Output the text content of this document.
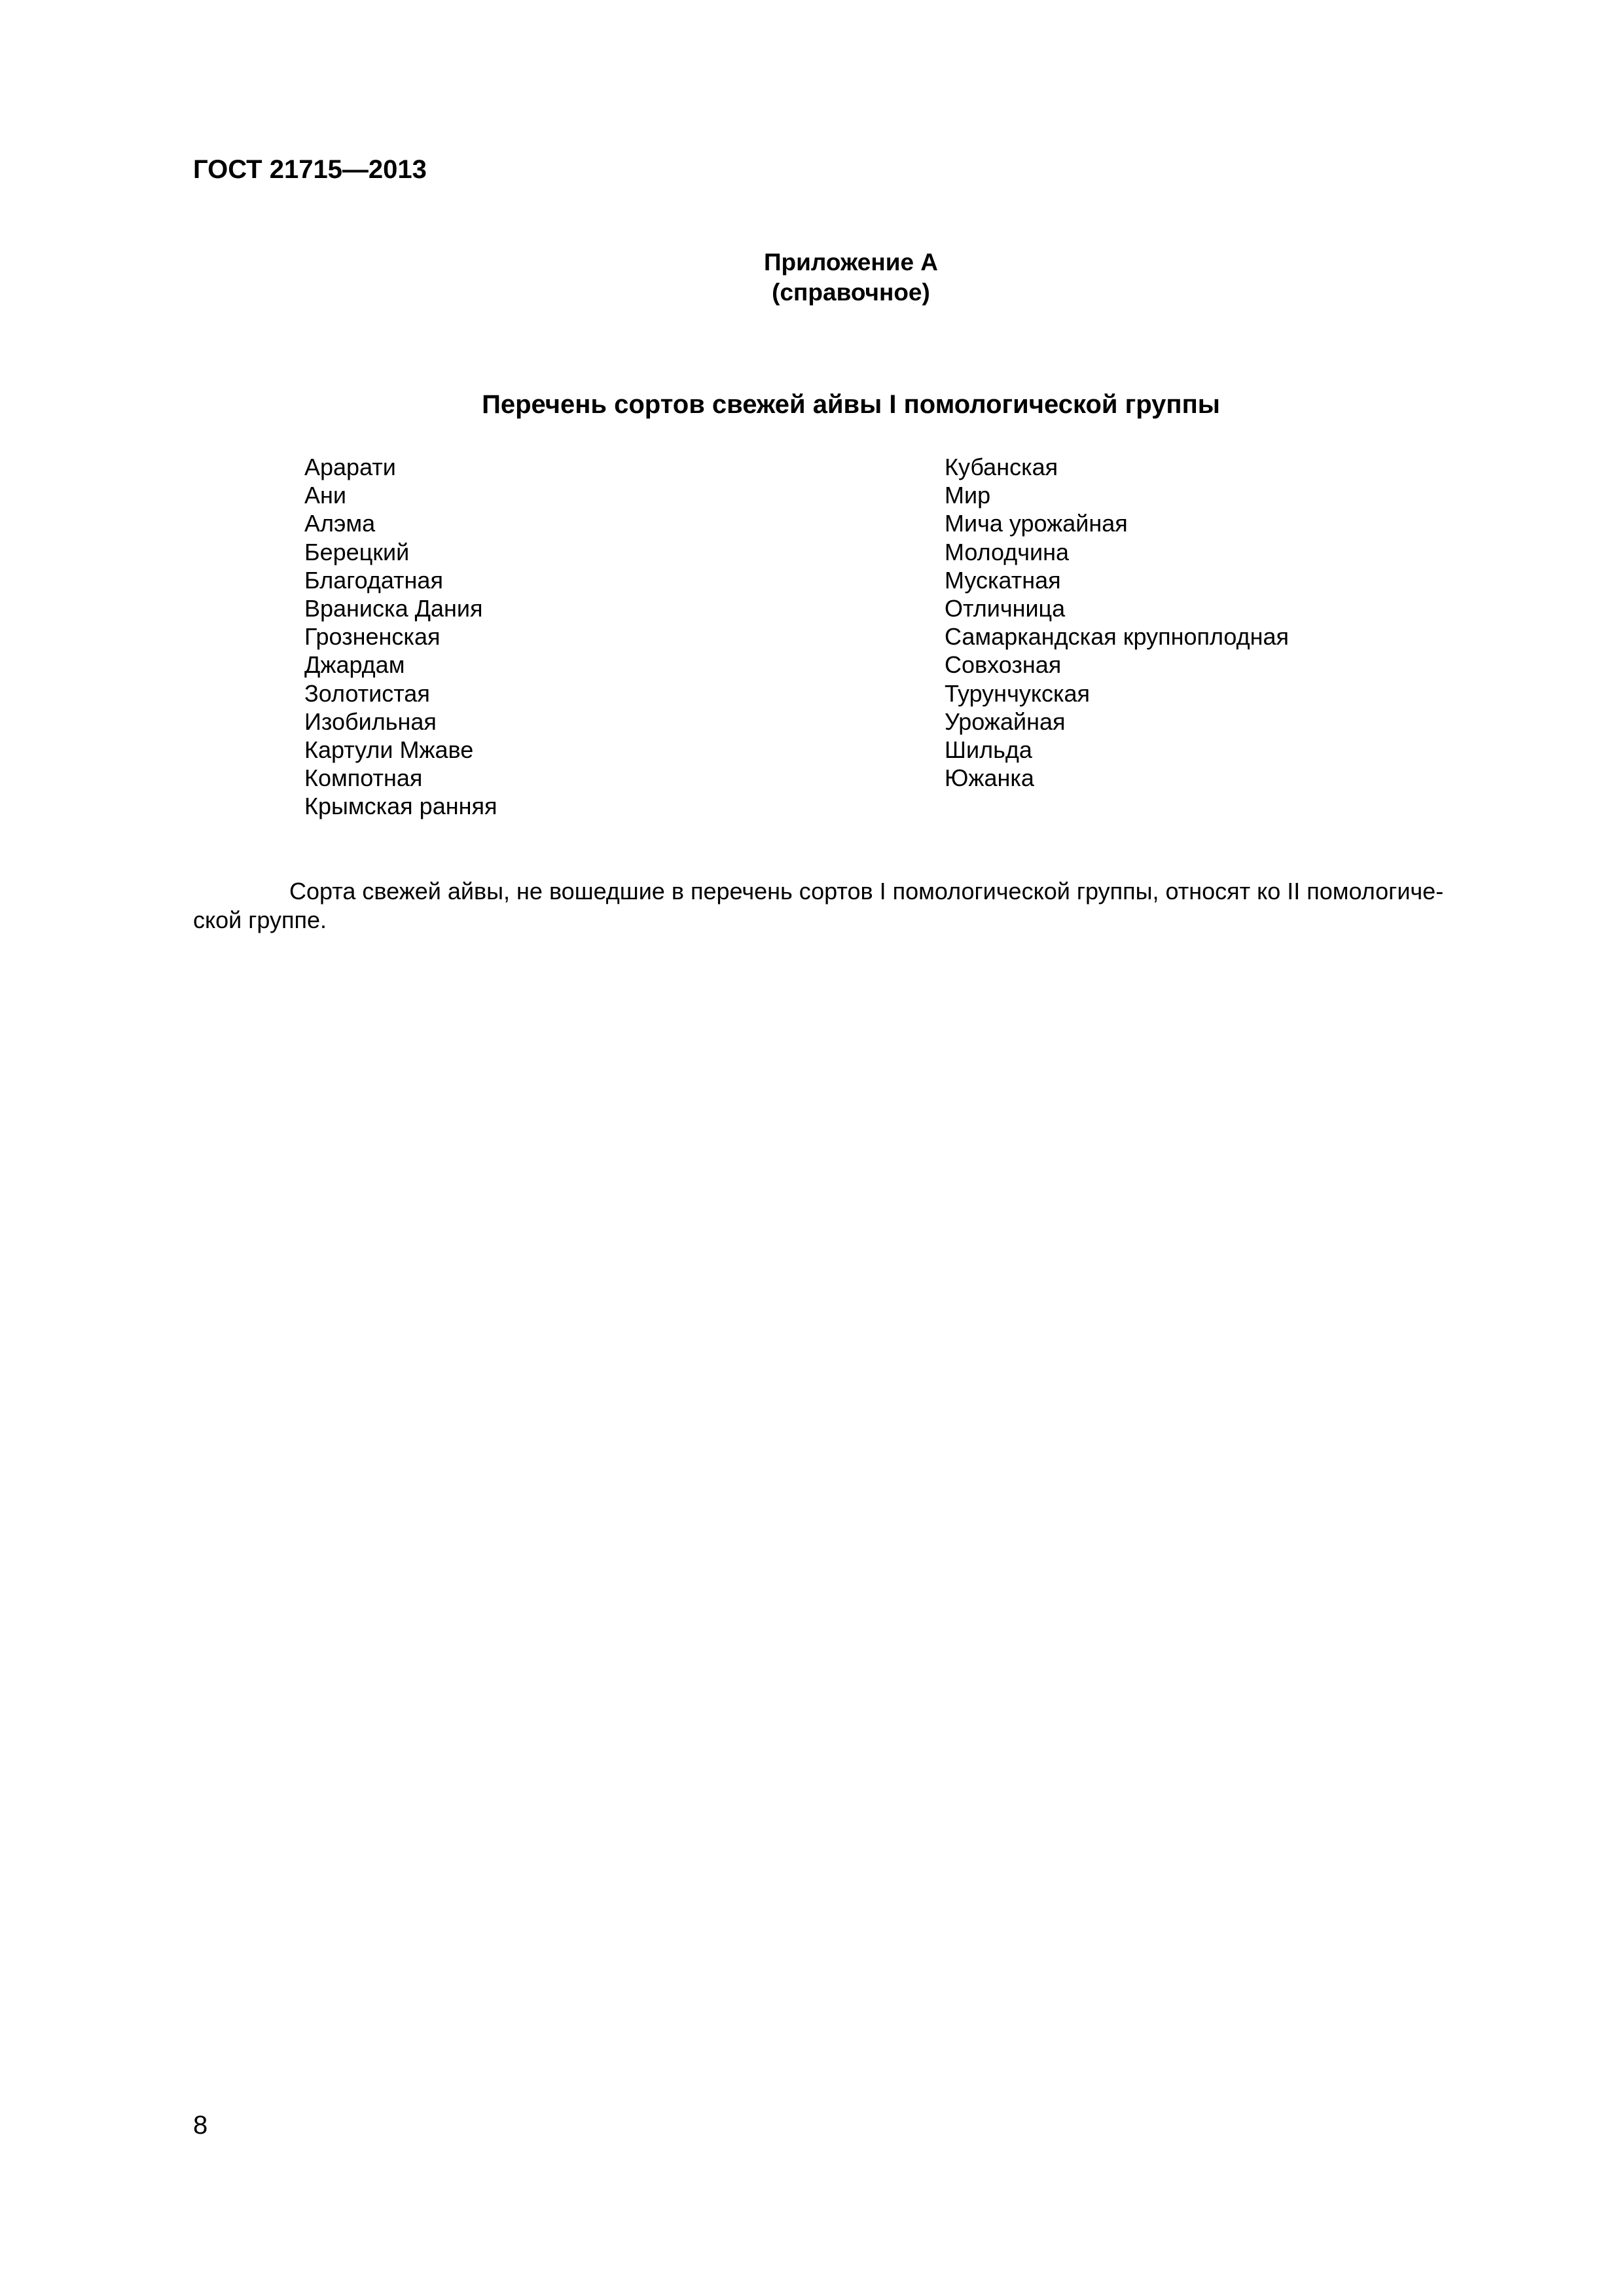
ГОСТ 21715—2013
Приложение А
(справочное)
Перечень сортов свежей айвы I помологической группы
Арарати
Ани
Алэма
Берецкий
Благодатная
Враниска Дания
Грозненская
Джардам
Золотистая
Изобильная
Картули Мжаве
Компотная
Крымская ранняя
Кубанская
Мир
Мича урожайная
Молодчина
Мускатная
Отличница
Самаркандская крупноплодная
Совхозная
Турунчукская
Урожайная
Шильда
Южанка
Сорта свежей айвы, не вошедшие в перечень сортов I помологической группы, относят ко II помологиче-
ской группе.
8
